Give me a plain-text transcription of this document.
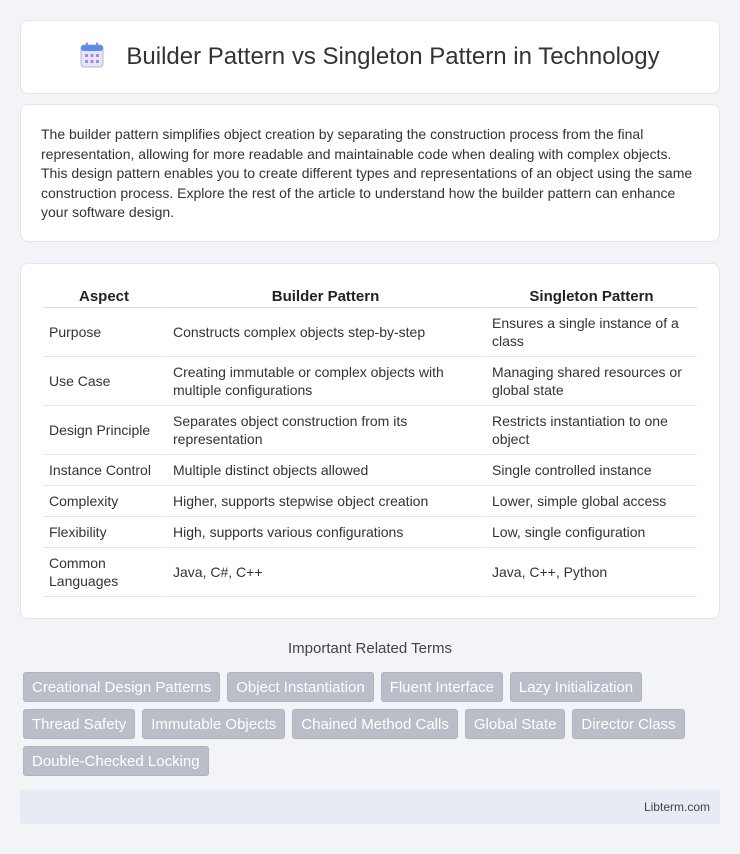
Builder Pattern vs Singleton Pattern in Technology

The builder pattern simplifies object creation by separating the construction process from the final representation, allowing for more readable and maintainable code when dealing with complex objects. This design pattern enables you to create different types and representations of an object using the same construction process. Explore the rest of the article to understand how the builder pattern can enhance your software design.

Aspect	Builder Pattern	Singleton Pattern
Purpose	Constructs complex objects step-by-step	Ensures a single instance of a class
Use Case	Creating immutable or complex objects with multiple configurations	Managing shared resources or global state
Design Principle	Separates object construction from its representation	Restricts instantiation to one object
Instance Control	Multiple distinct objects allowed	Single controlled instance
Complexity	Higher, supports stepwise object creation	Lower, simple global access
Flexibility	High, supports various configurations	Low, single configuration
Common Languages	Java, C#, C++	Java, C++, Python
Important Related Terms
Creational Design Patterns	Object Instantiation	Fluent Interface	Lazy Initialization
Thread Safety	Immutable Objects	Chained Method Calls	Global State	Director Class
Double-Checked Locking
Libterm.com
